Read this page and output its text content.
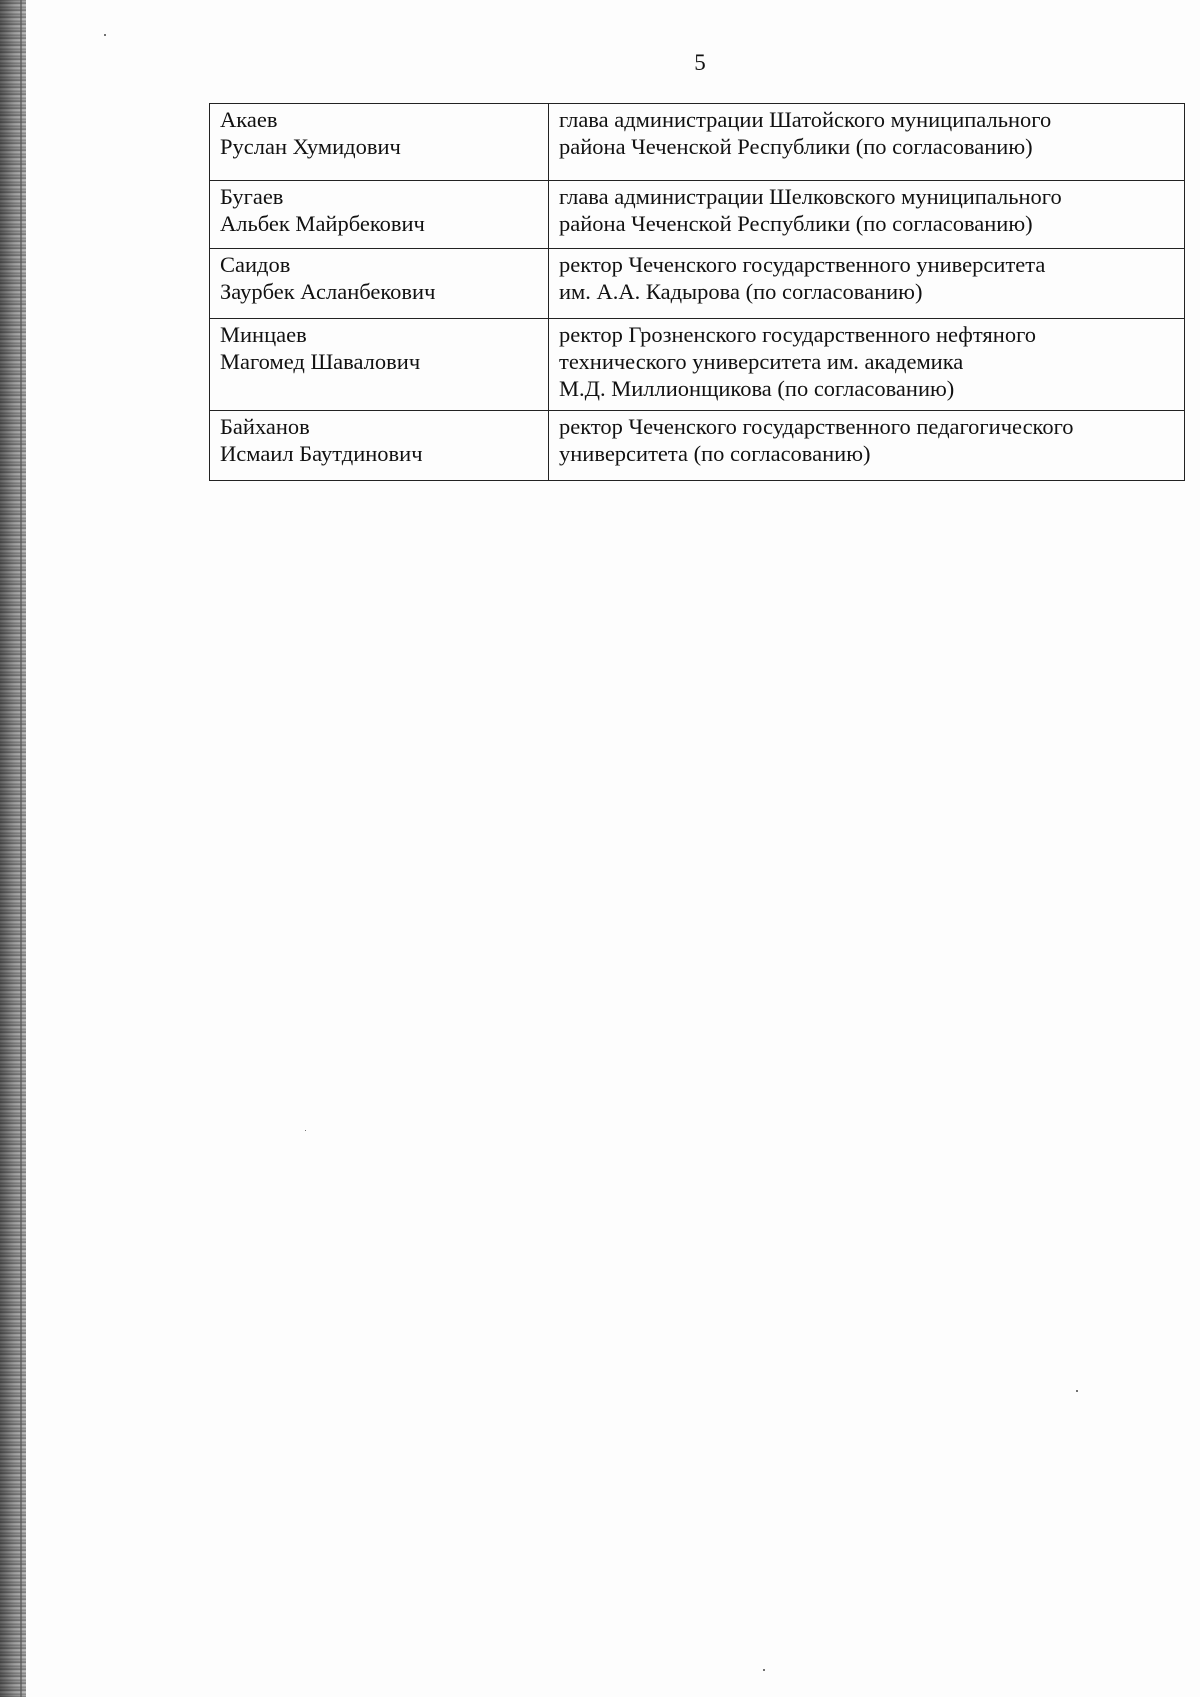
5
Акаев
Руслан Хумидович	глава администрации Шатойского муниципального
района Чеченской Республики (по согласованию)

Бугаев
Альбек Майрбекович	глава администрации Шелковского муниципального
района Чеченской Республики (по согласованию)

Саидов
Заурбек Асланбекович	ректор Чеченского государственного университета
им. А.А. Кадырова (по согласованию)

Минцаев
Магомед Шавалович	ректор Грозненского государственного нефтяного
технического университета им. академика
М.Д. Миллионщикова (по согласованию)

Байханов
Исмаил Баутдинович	ректор Чеченского государственного педагогического
университета (по согласованию)
